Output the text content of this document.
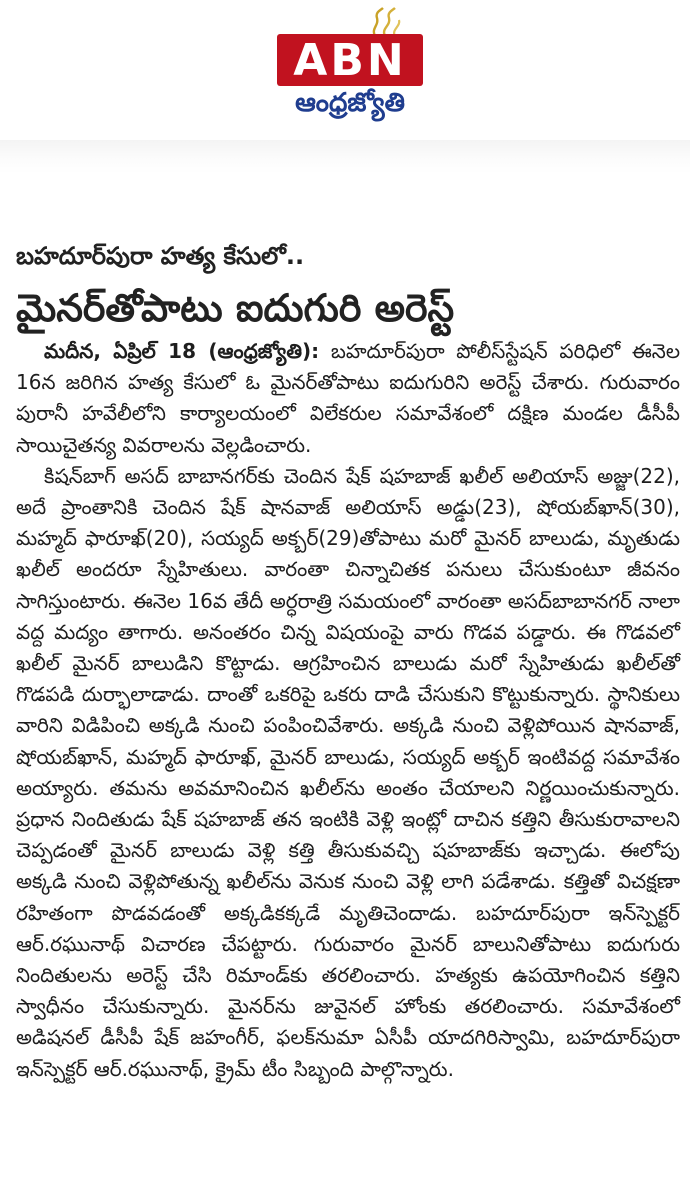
ABN
ఆంధ్రజ్యోతి
బహదూర్‌పురా హత్య కేసులో..
మైనర్‌తోపాటు ఐదుగురి అరెస్ట్

మదీన, ఏప్రిల్ 18 (ఆంధ్రజ్యోతి): బహదూర్‌పురా పోలీస్‌స్టేషన్ పరిధిలో ఈనెల 16న జరిగిన హత్య కేసులో ఓ మైనర్‌తోపాటు ఐదుగురిని అరెస్ట్ చేశారు. గురువారం పురానీ హవేలీలోని కార్యాలయంలో విలేకరుల సమావేశంలో దక్షిణ మండల డీసీపీ సాయిచైతన్య వివరాలను వెల్లడించారు.

కిషన్‌బాగ్ అసద్ బాబానగర్‌కు చెందిన షేక్ షహబాజ్ ఖలీల్ అలియాస్ అజ్జు(22), అదే ప్రాంతానికి చెందిన షేక్ షానవాజ్ అలియాస్ అడ్డు(23), షోయబ్‌ఖాన్(30), మహ్మద్ ఫారూఖ్(20), సయ్యద్ అక్బర్(29)తోపాటు మరో మైనర్ బాలుడు, మృతుడు ఖలీల్ అందరూ స్నేహితులు. వారంతా చిన్నాచితక పనులు చేసుకుంటూ జీవనం సాగిస్తుంటారు. ఈనెల 16వ తేదీ అర్ధరాత్రి సమయంలో వారంతా అసద్‌బాబానగర్ నాలా వద్ద మద్యం తాగారు. అనంతరం చిన్న విషయంపై వారు గొడవ పడ్డారు. ఈ గొడవలో ఖలీల్ మైనర్ బాలుడిని కొట్టాడు. ఆగ్రహించిన బాలుడు మరో స్నేహితుడు ఖలీల్‌తో గొడపడి దుర్భాలాడాడు. దాంతో ఒకరిపై ఒకరు దాడి చేసుకుని కొట్టుకున్నారు. స్థానికులు వారిని విడిపించి అక్కడి నుంచి పంపించివేశారు. అక్కడి నుంచి వెళ్లిపోయిన షానవాజ్, షోయబ్‌ఖాన్, మహ్మద్ ఫారూఖ్, మైనర్ బాలుడు, సయ్యద్ అక్బర్ ఇంటివద్ద సమావేశం అయ్యారు. తమను అవమానించిన ఖలీల్‌ను అంతం చేయాలని నిర్ణయించుకున్నారు. ప్రధాన నిందితుడు షేక్ షహబాజ్ తన ఇంటికి వెళ్లి ఇంట్లో దాచిన కత్తిని తీసుకురావాలని చెప్పడంతో మైనర్ బాలుడు వెళ్లి కత్తి తీసుకువచ్చి షహబాజ్‌కు ఇచ్చాడు. ఈలోపు అక్కడి నుంచి వెళ్లిపోతున్న ఖలీల్‌ను వెనుక నుంచి వెళ్లి లాగి పడేశాడు. కత్తితో విచక్షణా రహితంగా పొడవడంతో అక్కడికక్కడే మృతిచెందాడు. బహదూర్‌పురా ఇన్‌స్పెక్టర్ ఆర్.రఘునాథ్ విచారణ చేపట్టారు. గురువారం మైనర్ బాలునితోపాటు ఐదుగురు నిందితులను అరెస్ట్ చేసి రిమాండ్‌కు తరలించారు. హత్యకు ఉపయోగించిన కత్తిని స్వాధీనం చేసుకున్నారు. మైనర్‌ను జువైనల్ హోంకు తరలించారు. సమావేశంలో అడిషనల్ డీసీపీ షేక్ జహంగీర్, ఫలక్‌నుమా ఏసీపీ యాదగిరిస్వామి, బహదూర్‌పురా ఇన్‌స్పెక్టర్ ఆర్.రఘునాథ్, క్రైమ్ టీం సిబ్బంది పాల్గొన్నారు.
